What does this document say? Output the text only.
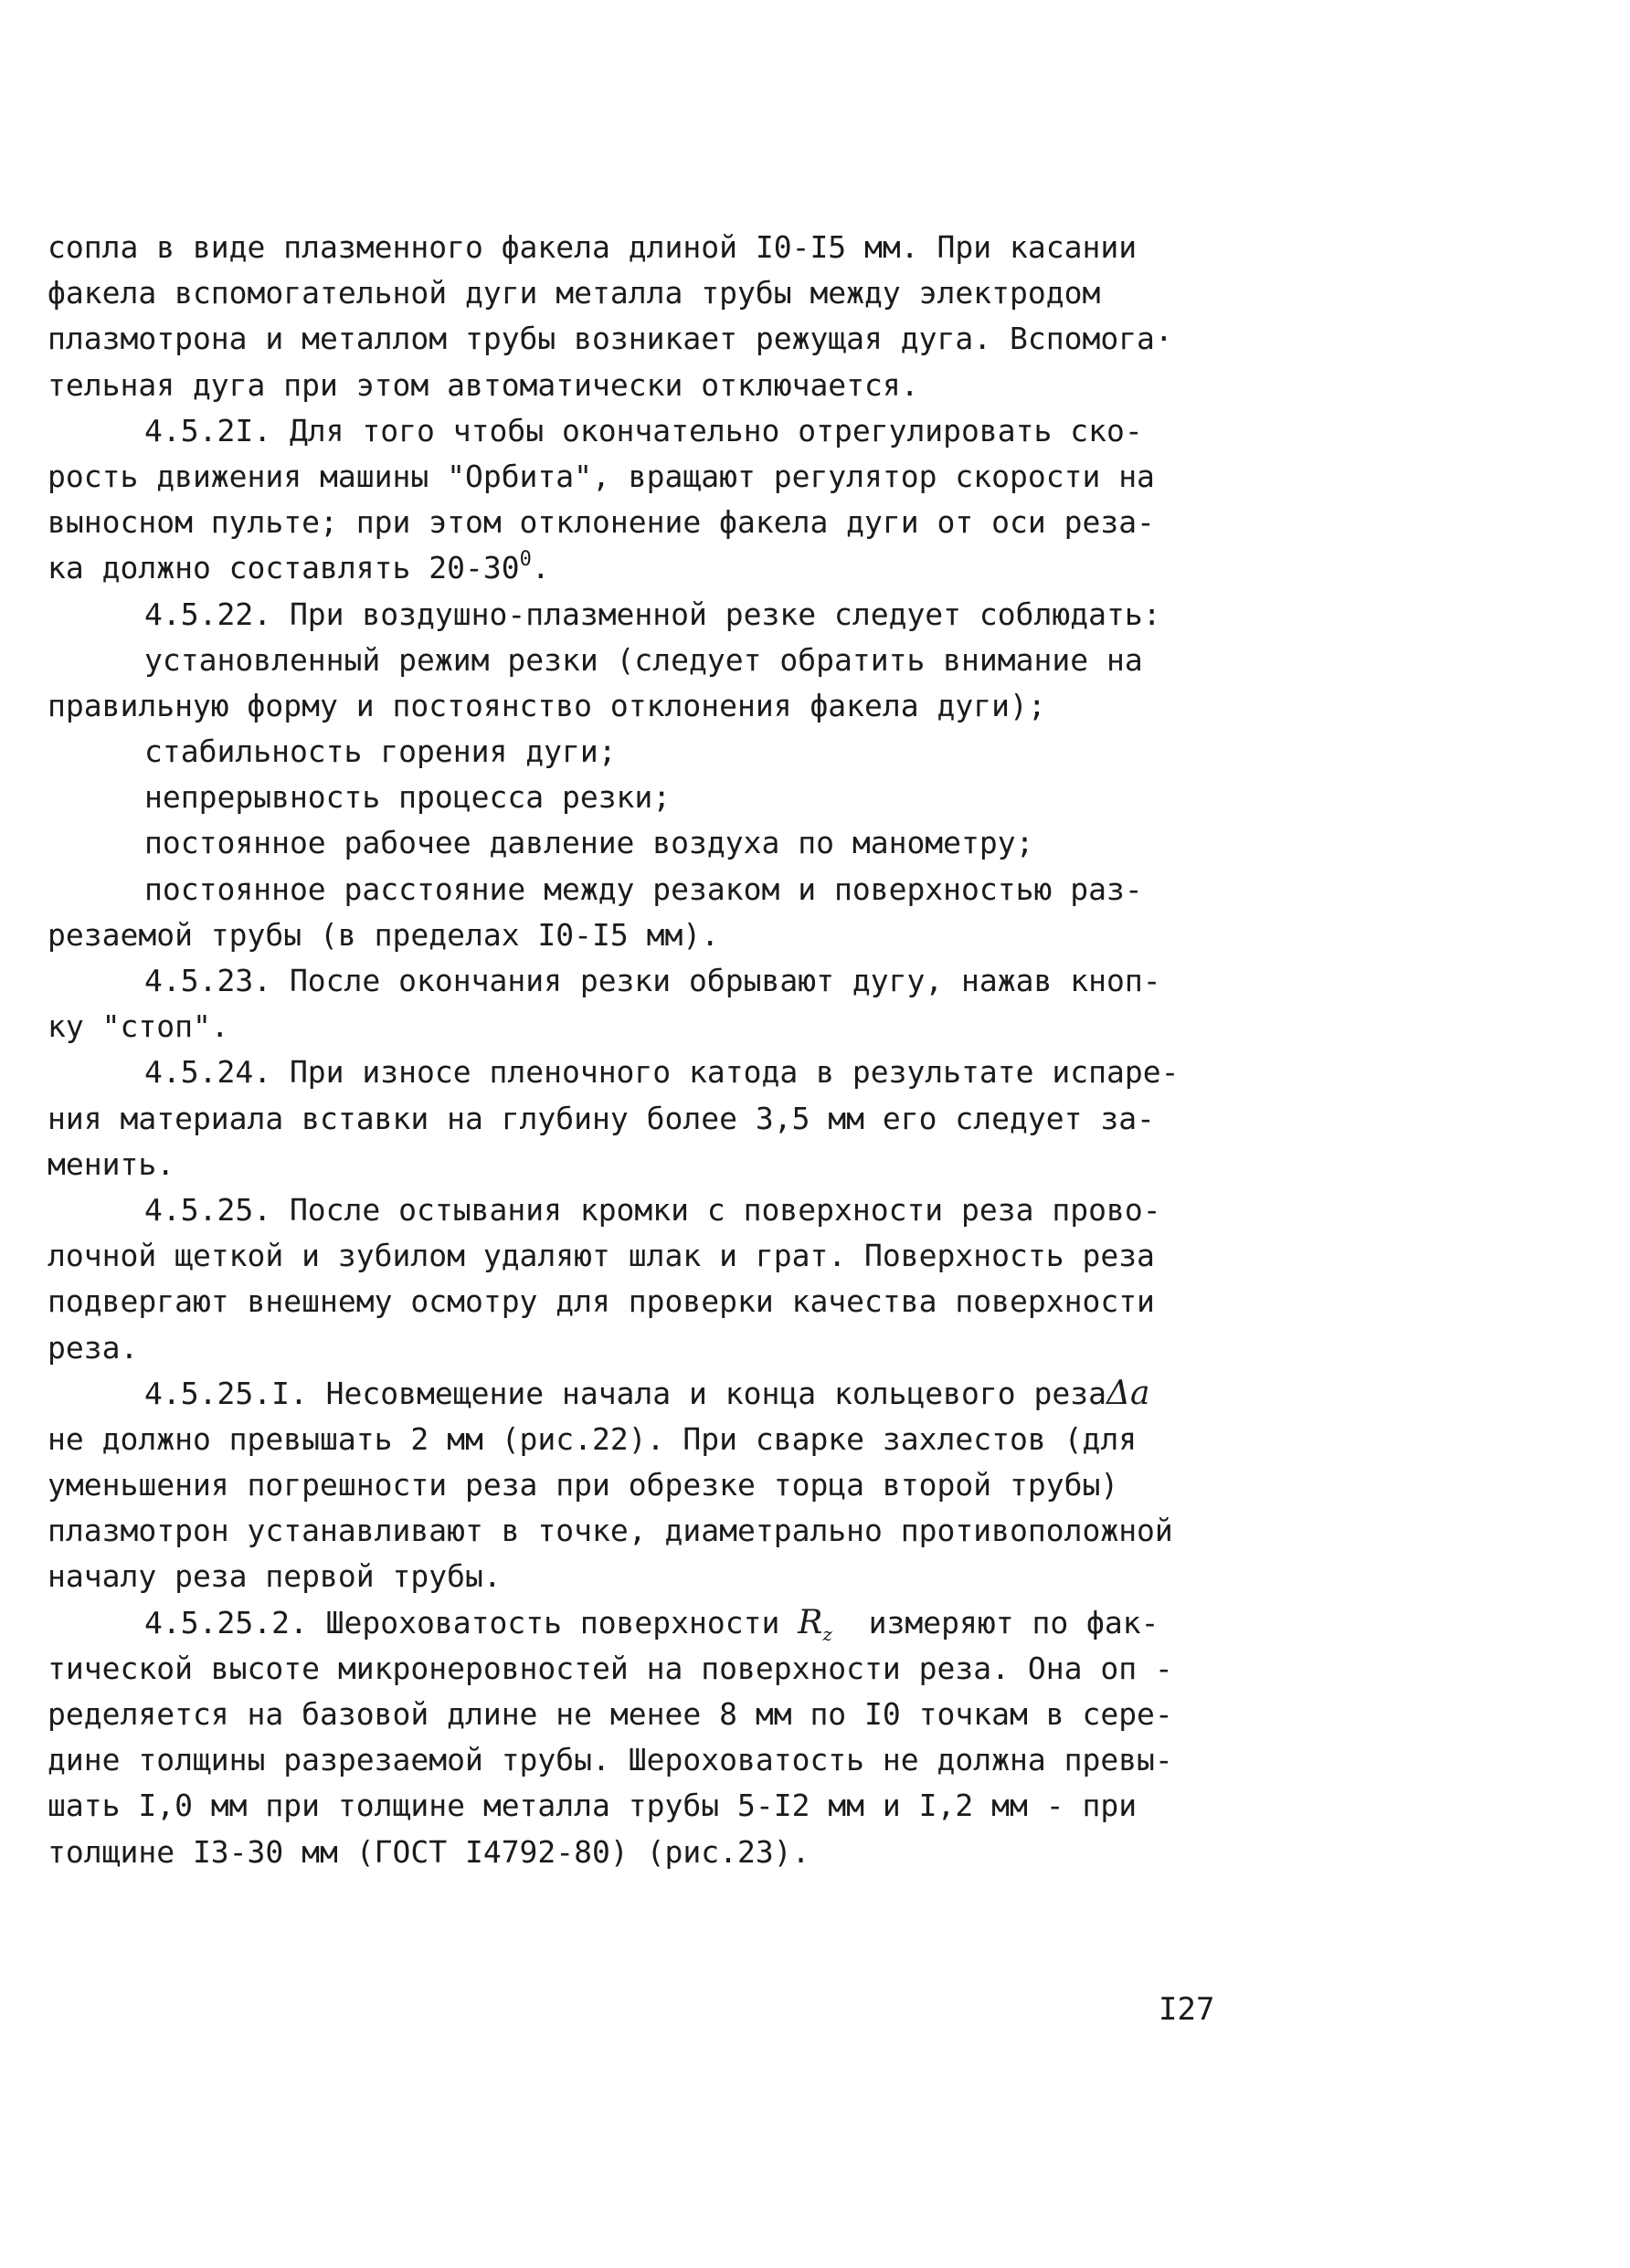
сопла в виде плазменного факела длиной I0-I5 мм. При касании
факела вспомогательной дуги металла трубы между электродом
плазмотрона и металлом трубы возникает режущая дуга. Вспомога·
тельная дуга при этом автоматически отключается.
4.5.2I. Для того чтобы окончательно отрегулировать ско-
рость движения машины "Орбита", вращают регулятор скорости на
выносном пульте; при этом отклонение факела дуги от оси реза-
ка должно составлять $20-30^0$.
4.5.22. При воздушно-плазменной резке следует соблюдать:
установленный режим резки (следует обратить внимание на
правильную форму и постоянство отклонения факела дуги);
стабильность горения дуги;
непрерывность процесса резки;
постоянное рабочее давление воздуха по манометру;
постоянное расстояние между резаком и поверхностью раз-
резаемой трубы (в пределах I0-I5 мм).
4.5.23. После окончания резки обрывают дугу, нажав кноп-
ку "стоп".
4.5.24. При износе пленочного катода в результате испаре-
ния материала вставки на глубину более 3,5 мм его следует за-
менить.
4.5.25. После остывания кромки с поверхности реза прово-
лочной щеткой и зубилом удаляют шлак и грат. Поверхность реза
подвергают внешнему осмотру для проверки качества поверхности
реза.
4.5.25.I. Несовмещение начала и конца кольцевого резаΔa
не должно превышать 2 мм (рис.22). При сварке захлестов (для
уменьшения погрешности реза при обрезке торца второй трубы)
плазмотрон устанавливают в точке, диаметрально противоположной
началу реза первой трубы.
4.5.25.2. Шероховатость поверхности $R_z$  измеряют по фак-
тической высоте микронеровностей на поверхности реза. Она оп -
ределяется на базовой длине не менее 8 мм по I0 точкам в сере-
дине толщины разрезаемой трубы. Шероховатость не должна превы-
шать I,0 мм при толщине металла трубы 5-I2 мм и I,2 мм - при
толщине I3-30 мм (ГОСТ I4792-80) (рис.23).
I27
